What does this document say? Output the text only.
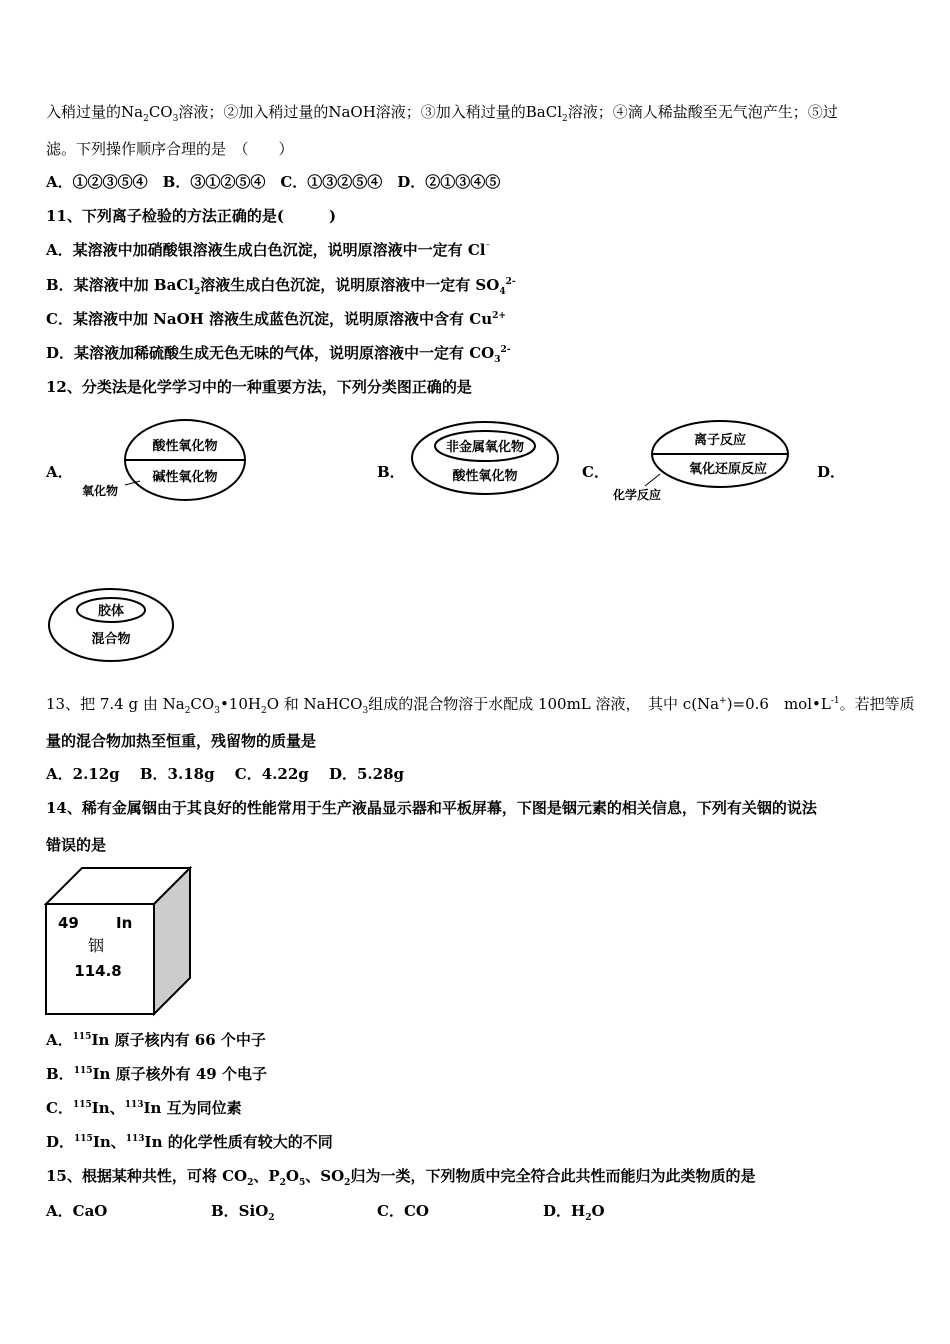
入稍过量的$Na_2CO_3$溶液；②加入稍过量的NaOH溶液；③加入稍过量的BaCl$_2$溶液；④滴人稀盐酸至无气泡产生；⑤过
滤。下列操作顺序合理的是　（　　）
A．①②③⑤④　B．③①②⑤④　C．①③②⑤④　D．②①③④⑤
11、下列离子检验的方法正确的是(　　　)
A．某溶液中加硝酸银溶液生成白色沉淀，说明原溶液中一定有 Cl⁻
B．某溶液中加 BaCl$_2$溶液生成白色沉淀，说明原溶液中一定有 $SO_4^{2-}$
C．某溶液中加 NaOH 溶液生成蓝色沉淀，说明原溶液中含有 $Cu^{2+}$
D．某溶液加稀硫酸生成无色无味的气体，说明原溶液中一定有 $CO_3^{2-}$
12、分类法是化学学习中的一种重要方法，下列分类图正确的是
A．
酸性氧化物
碱性氧化物
氧化物
B．
非金属氧化物
酸性氧化物	C．
离子反应
氧化还原反应
化学反应
D．
胶体
混合物
13、把 7.4 g 由 $Na_2CO_3•10H_2O$ 和 NaHCO$_3$组成的混合物溶于水配成 100mL 溶液，　其中 c(Na+)=0.6　$mol•L^{-1}$。若把等质
量的混合物加热至恒重，残留物的质量是
A．2.12g　 B．3.18g　 C．4.22g　 D．5.28g
14、稀有金属铟由于其良好的性能常用于生产液晶显示器和平板屏幕，下图是铟元素的相关信息，下列有关铟的说法
错误的是
49 In
铟
114.8
A．$^{115}$In 原子核内有 66 个中子
B．$^{115}$In 原子核外有 49 个电子
C．$^{115}$In、$^{113}$In 互为同位素
D．$^{115}$In、$^{113}$In 的化学性质有较大的不同
15、根据某种共性，可将 $CO_2$、$P_2O_5$、$SO_2$归为一类，下列物质中完全符合此共性而能归为此类物质的是
A．CaO	B．SiO$_2$	C．CO	D．$H_2O$
